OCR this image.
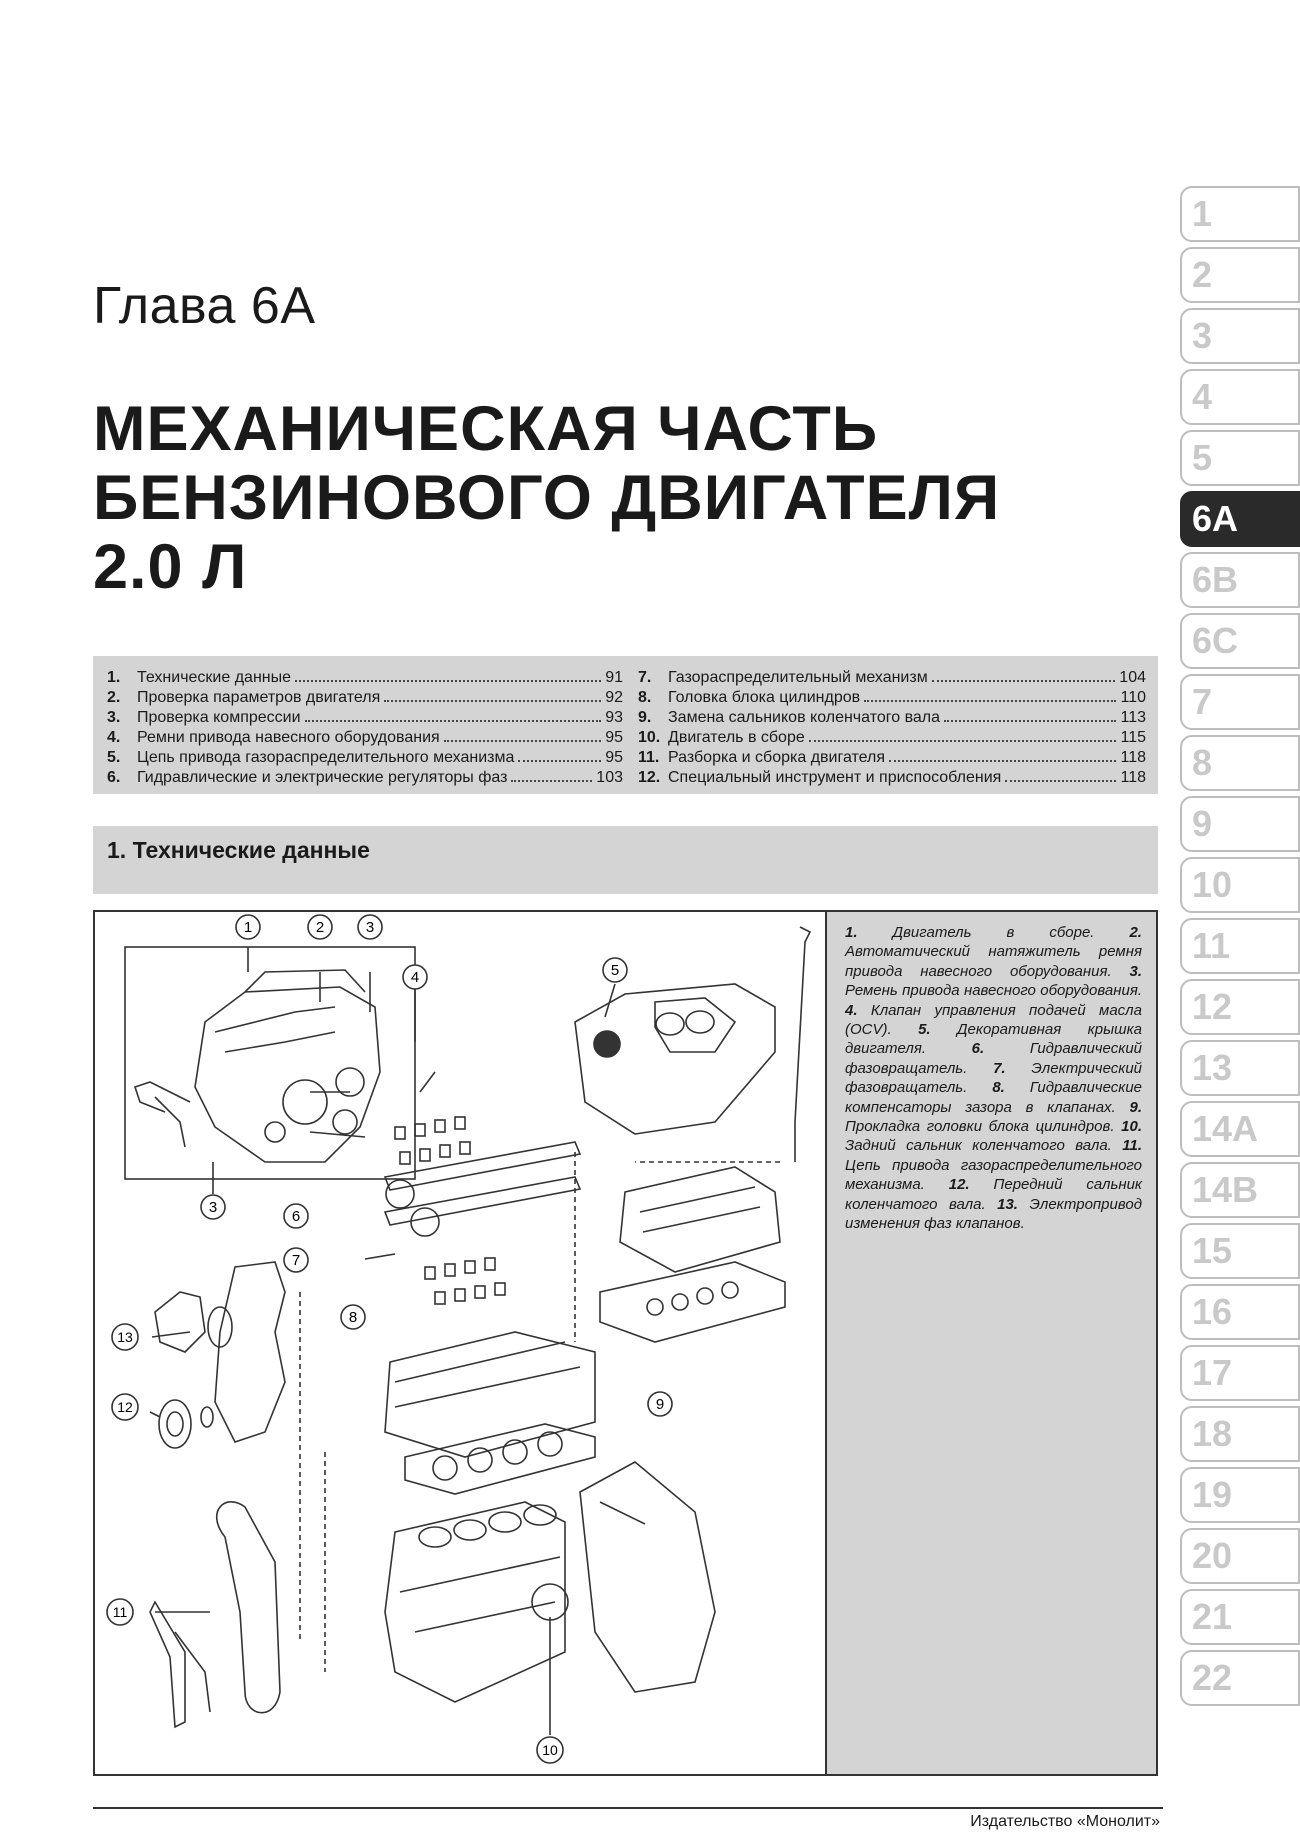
Глава 6А
МЕХАНИЧЕСКАЯ ЧАСТЬ
БЕНЗИНОВОГО ДВИГАТЕЛЯ
2.0 Л
1.	Технические данные	91
2.	Проверка параметров двигателя	92
3.	Проверка компрессии	93
4.	Ремни привода навесного оборудования	95
5.	Цепь привода газораспределительного механизма	95
6.	Гидравлические и электрические регуляторы фаз	103
7.	Газораспределительный механизм	104
8.	Головка блока цилиндров	110
9.	Замена сальников коленчатого вала	113
10. Двигатель в сборе	115
11. Разборка и сборка двигателя	118
12. Специальный инструмент и приспособления	118
1. Технические данные
1	2	3
3
4	5
6
7
8
9
10
11
12
13

1. Двигатель в сборе. 2. Автоматический натяжитель ремня привода навесного оборудования. 3. Ремень привода навесного оборудования. 4. Клапан управления подачей масла (OCV). 5. Декоративная крышка двигателя.	6.	Гидравлический фазовращатель. 7. Электрический фазовращатель. 8. Гидравлические компенсаторы зазора в клапанах. 9. Прокладка головки блока цилиндров. 10. Задний сальник коленчатого вала. 11. Цепь привода газораспределительного механизма. 12. Передний сальник коленчатого вала. 13. Электропривод изменения фаз клапанов.

Издательство «Монолит»
1
2
3
4
5
6A
6B
6C
7
8
9
10
11
12
13
14A
14B
15
16
17
18
19
20
21
22
